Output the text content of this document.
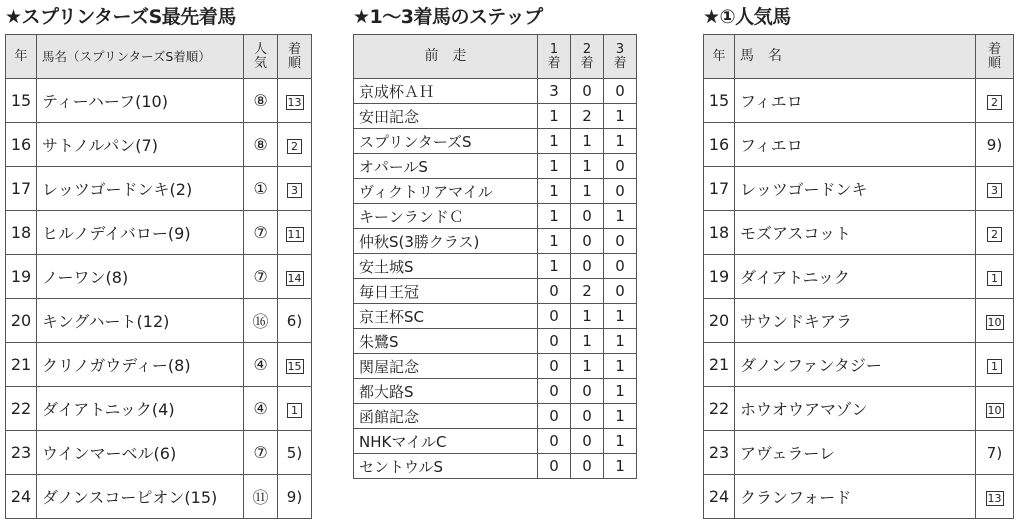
★スプリンターズS最先着馬
年	馬名（スプリンターズS着順）	人気	着順
15	ティーハーフ(10)	⑧	13
16	サトノルパン(7)	⑧	2
17	レッツゴードンキ(2)	①	3
18	ヒルノデイバロー(9)	⑦	11
19	ノーワン(8)	⑦	14
20	キングハート(12)	⑯	6)
21	クリノガウディー(8)	④	15
22	ダイアトニック(4)	④	1
23	ウインマーベル(6)	⑦	5)
24	ダノンスコーピオン(15)	⑪	9)
★1〜3着馬のステップ
前　走	1着	2着	3着
京成杯ＡＨ	3	0	0
安田記念	1	2	1
スプリンターズS	1	1	1
オパールS	1	1	0
ヴィクトリアマイル	1	1	0
キーンランドＣ	1	0	1
仲秋S(3勝クラス)	1	0	0
安土城S	1	0	0
毎日王冠	0	2	0
京王杯SC	0	1	1
朱鷺S	0	1	1
関屋記念	0	1	1
都大路S	0	0	1
函館記念	0	0	1
NHKマイルC	0	0	1
セントウルS	0	0	1
★①人気馬
年	馬　名	着順
15	フィエロ	2
16	フィエロ	9)
17	レッツゴードンキ	3
18	モズアスコット	2
19	ダイアトニック	1
20	サウンドキアラ	10
21	ダノンファンタジー	1
22	ホウオウアマゾン	10
23	アヴェラーレ	7)
24	クランフォード	13
